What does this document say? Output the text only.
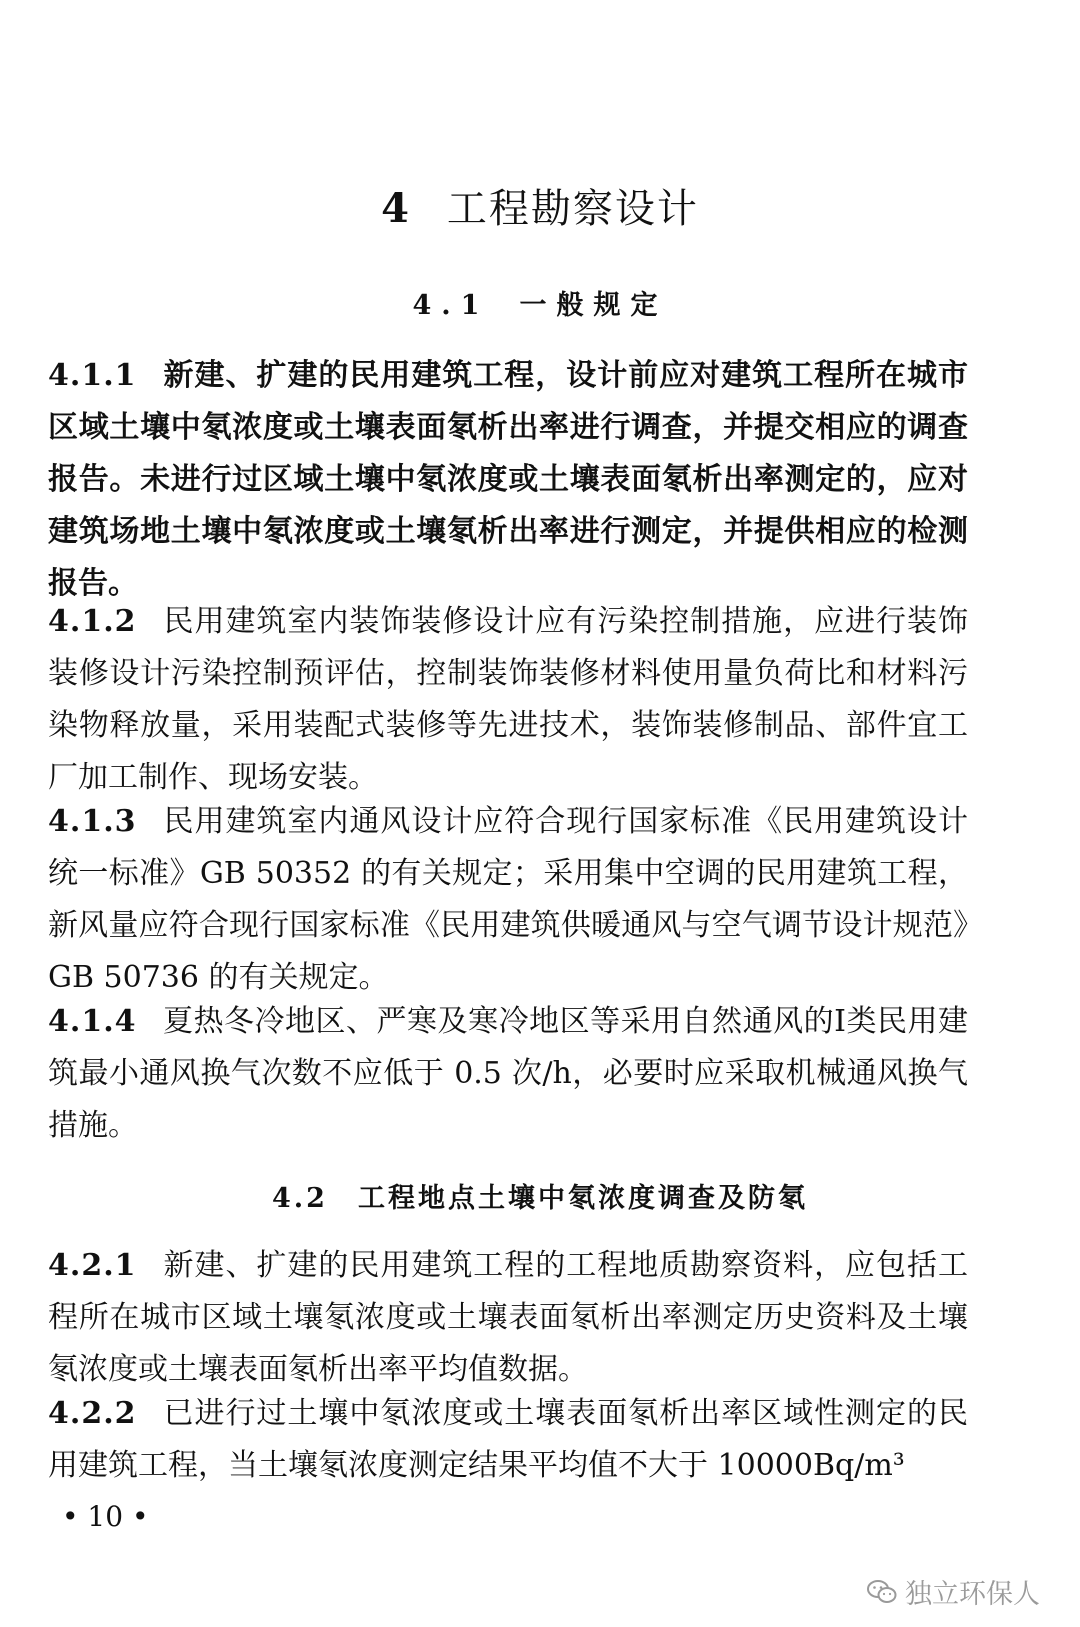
4 工程勘察设计
4.1 一般规定
4.1.1 新建、扩建的民用建筑工程，设计前应对建筑工程所在城市区域土壤中氡浓度或土壤表面氡析出率进行调查，并提交相应的调查报告。未进行过区域土壤中氡浓度或土壤表面氡析出率测定的，应对建筑场地土壤中氡浓度或土壤氡析出率进行测定，并提供相应的检测报告。
4.1.2 民用建筑室内装饰装修设计应有污染控制措施，应进行装饰装修设计污染控制预评估，控制装饰装修材料使用量负荷比和材料污染物释放量，采用装配式装修等先进技术，装饰装修制品、部件宜工厂加工制作、现场安装。
4.1.3 民用建筑室内通风设计应符合现行国家标准《民用建筑设计统一标准》GB 50352 的有关规定；采用集中空调的民用建筑工程，新风量应符合现行国家标准《民用建筑供暖通风与空气调节设计规范》GB 50736 的有关规定。
4.1.4 夏热冬冷地区、严寒及寒冷地区等采用自然通风的Ⅰ类民用建筑最小通风换气次数不应低于 0.5 次/h，必要时应采取机械通风换气措施。
4.2 工程地点土壤中氡浓度调查及防氡
4.2.1 新建、扩建的民用建筑工程的工程地质勘察资料，应包括工程所在城市区域土壤氡浓度或土壤表面氡析出率测定历史资料及土壤氡浓度或土壤表面氡析出率平均值数据。
4.2.2 已进行过土壤中氡浓度或土壤表面氡析出率区域性测定的民用建筑工程，当土壤氡浓度测定结果平均值不大于 10000Bq/m³
• 10 •
独立环保人
